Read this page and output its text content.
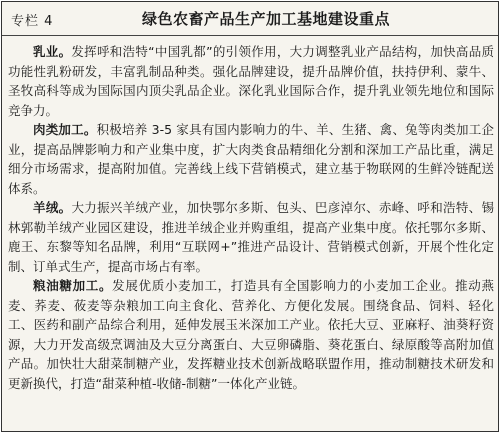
专栏 4	绿色农畜产品生产加工基地建设重点

乳业。发挥呼和浩特“中国乳都”的引领作用，大力调整乳业产品结构，加快高品质功能性乳粉研发，丰富乳制品种类。强化品牌建设，提升品牌价值，扶持伊利、蒙牛、圣牧高科等成为国际国内顶尖乳品企业。深化乳业国际合作，提升乳业领先地位和国际竞争力。

肉类加工。积极培养 3-5 家具有国内影响力的牛、羊、生猪、禽、兔等肉类加工企业，提高品牌影响力和产业集中度，扩大肉类食品精细化分割和深加工产品比重，满足细分市场需求，提高附加值。完善线上线下营销模式，建立基于物联网的生鲜冷链配送体系。

羊绒。大力振兴羊绒产业，加快鄂尔多斯、包头、巴彦淖尔、赤峰、呼和浩特、锡林郭勒羊绒产业园区建设，推进羊绒企业并购重组，提高产业集中度。依托鄂尔多斯、鹿王、东黎等知名品牌，利用“互联网+”推进产品设计、营销模式创新，开展个性化定制、订单式生产，提高市场占有率。

粮油糖加工。发展优质小麦加工，打造具有全国影响力的小麦加工企业。推动燕麦、荞麦、莜麦等杂粮加工向主食化、营养化、方便化发展。围绕食品、饲料、轻化工、医药和副产品综合利用，延伸发展玉米深加工产业。依托大豆、亚麻籽、油葵籽资源，大力开发高级烹调油及大豆分离蛋白、大豆卵磷脂、葵花蛋白、绿原酸等高附加值产品。加快壮大甜菜制糖产业，发挥糖业技术创新战略联盟作用，推动制糖技术研发和更新换代，打造“甜菜种植-收储-制糖”一体化产业链。
